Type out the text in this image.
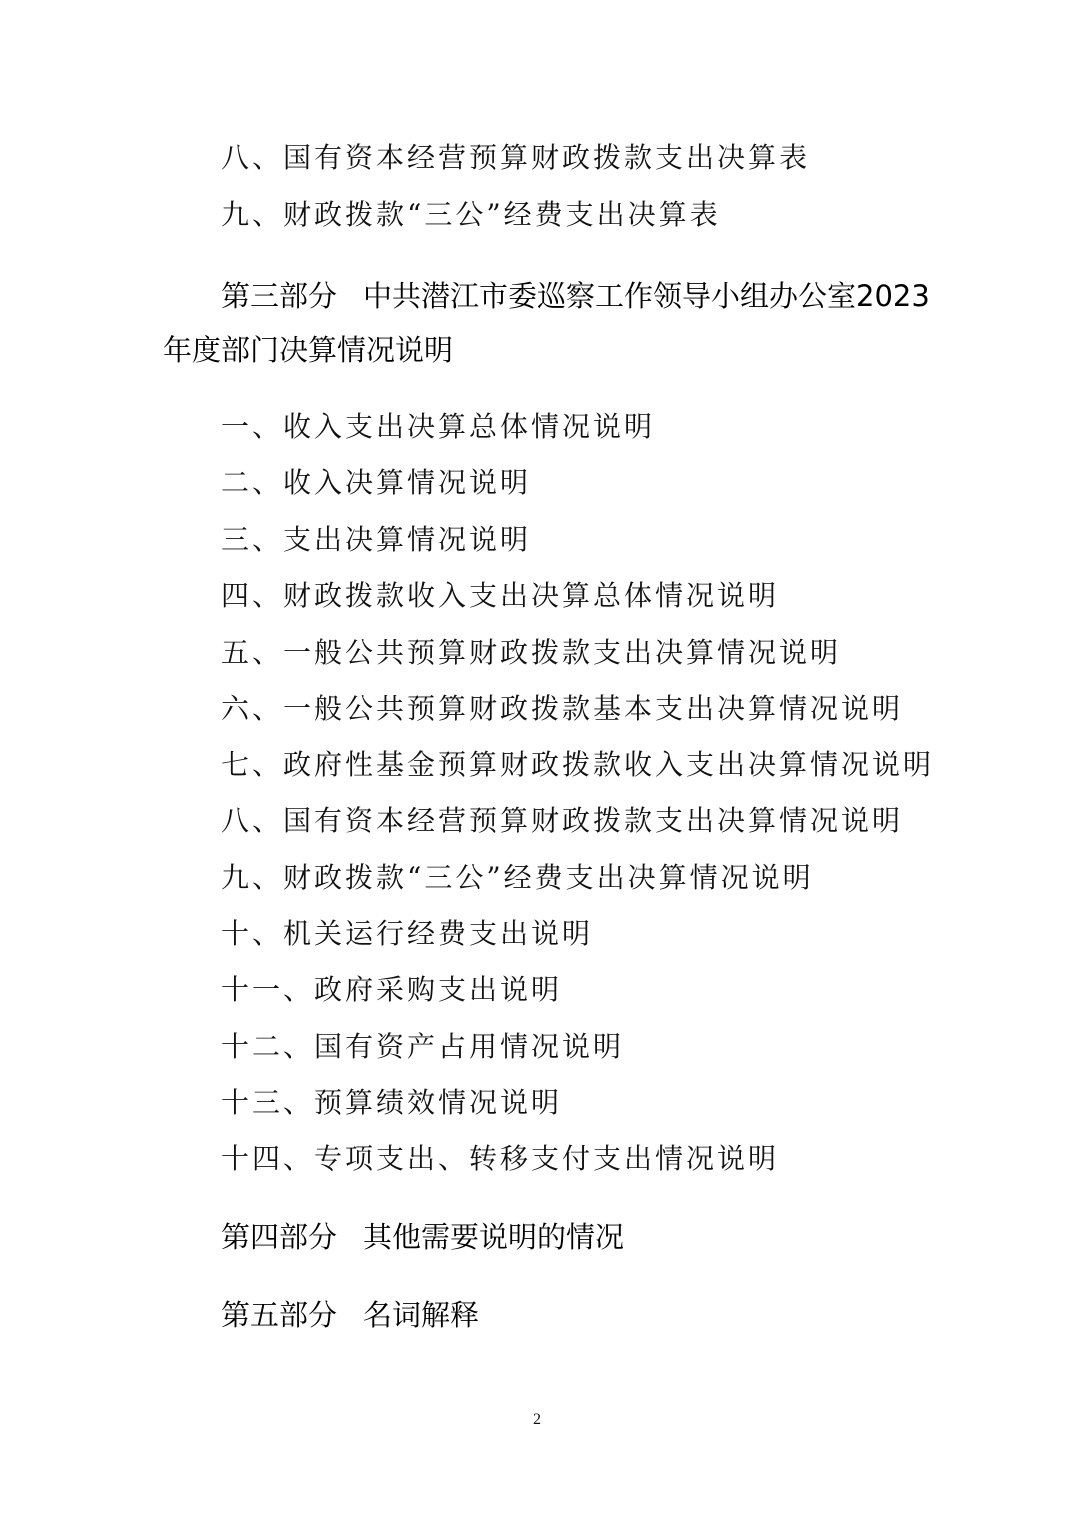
八、国有资本经营预算财政拨款支出决算表
九、财政拨款“三公”经费支出决算表
第三部分 中共潜江市委巡察工作领导小组办公室2023
年度部门决算情况说明
一、收入支出决算总体情况说明
二、收入决算情况说明
三、支出决算情况说明
四、财政拨款收入支出决算总体情况说明
五、一般公共预算财政拨款支出决算情况说明
六、一般公共预算财政拨款基本支出决算情况说明
七、政府性基金预算财政拨款收入支出决算情况说明
八、国有资本经营预算财政拨款支出决算情况说明
九、财政拨款“三公”经费支出决算情况说明
十、机关运行经费支出说明
十一、政府采购支出说明
十二、国有资产占用情况说明
十三、预算绩效情况说明
十四、专项支出、转移支付支出情况说明
第四部分 其他需要说明的情况
第五部分 名词解释
2
